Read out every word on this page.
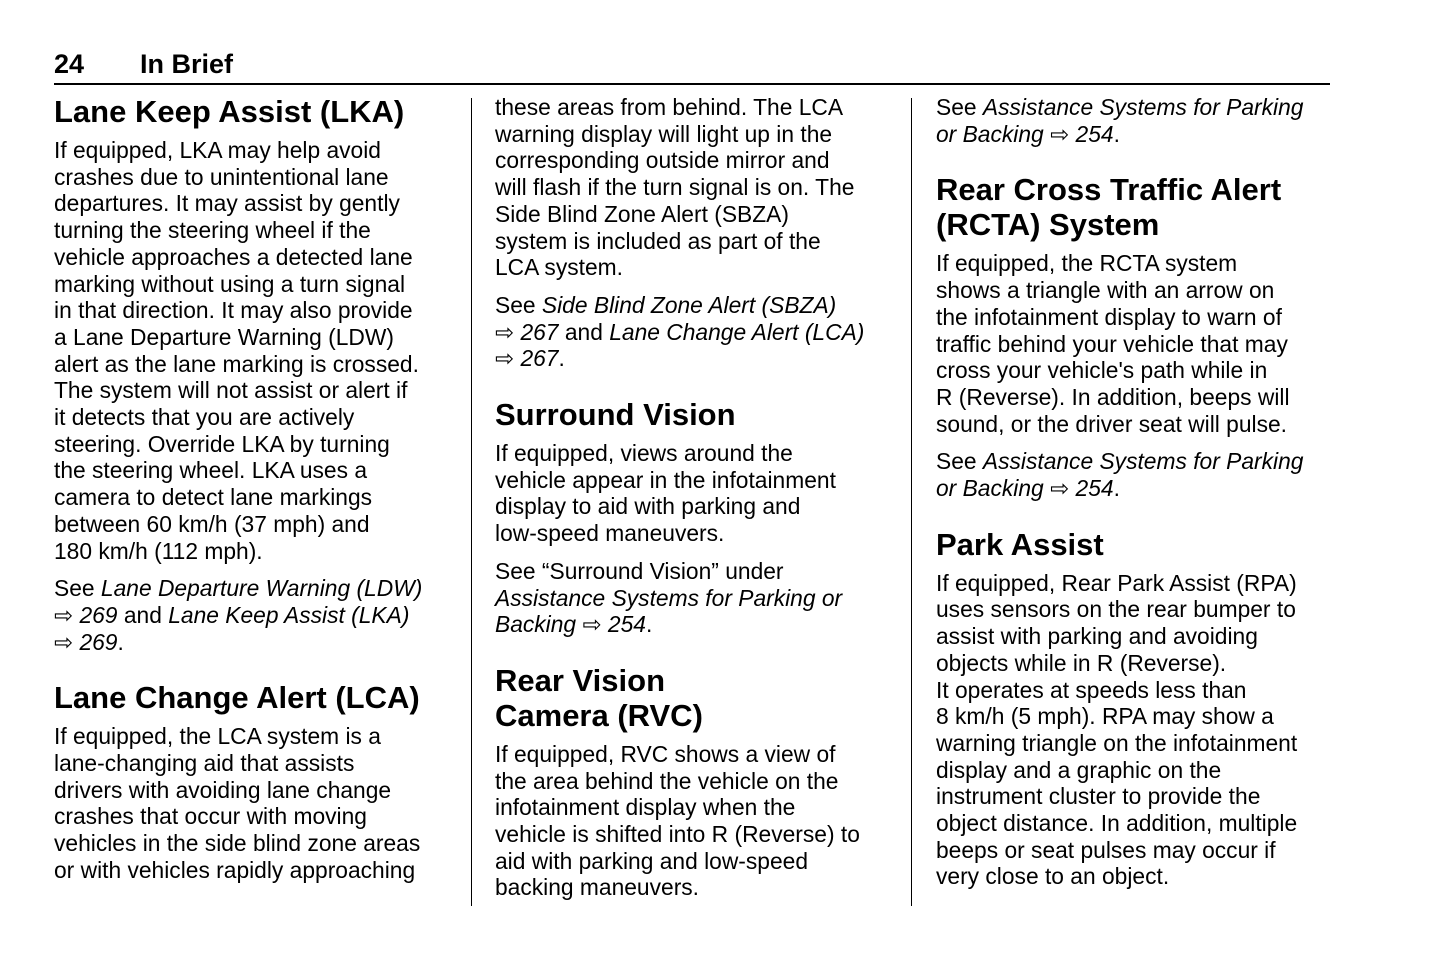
24 In Brief
Lane Keep Assist (LKA)

If equipped, LKA may help avoid
crashes due to unintentional lane
departures. It may assist by gently
turning the steering wheel if the
vehicle approaches a detected lane
marking without using a turn signal
in that direction. It may also provide
a Lane Departure Warning (LDW)
alert as the lane marking is crossed.
The system will not assist or alert if
it detects that you are actively
steering. Override LKA by turning
the steering wheel. LKA uses a
camera to detect lane markings
between 60 km/h (37 mph) and
180 km/h (112 mph).

See Lane Departure Warning (LDW)
⇨ 269 and Lane Keep Assist (LKA)
⇨ 269.

Lane Change Alert (LCA)

If equipped, the LCA system is a
lane-changing aid that assists
drivers with avoiding lane change
crashes that occur with moving
vehicles in the side blind zone areas
or with vehicles rapidly approaching

these areas from behind. The LCA
warning display will light up in the
corresponding outside mirror and
will flash if the turn signal is on. The
Side Blind Zone Alert (SBZA)
system is included as part of the
LCA system.

See Side Blind Zone Alert (SBZA)
⇨ 267 and Lane Change Alert (LCA)
⇨ 267.

Surround Vision

If equipped, views around the
vehicle appear in the infotainment
display to aid with parking and
low-speed maneuvers.

See “Surround Vision” under
Assistance Systems for Parking or
Backing ⇨ 254.

Rear Vision
Camera (RVC)

If equipped, RVC shows a view of
the area behind the vehicle on the
infotainment display when the
vehicle is shifted into R (Reverse) to
aid with parking and low-speed
backing maneuvers.

See Assistance Systems for Parking
or Backing ⇨ 254.

Rear Cross Traffic Alert
(RCTA) System

If equipped, the RCTA system
shows a triangle with an arrow on
the infotainment display to warn of
traffic behind your vehicle that may
cross your vehicle's path while in
R (Reverse). In addition, beeps will
sound, or the driver seat will pulse.

See Assistance Systems for Parking
or Backing ⇨ 254.

Park Assist

If equipped, Rear Park Assist (RPA)
uses sensors on the rear bumper to
assist with parking and avoiding
objects while in R (Reverse).
It operates at speeds less than
8 km/h (5 mph). RPA may show a
warning triangle on the infotainment
display and a graphic on the
instrument cluster to provide the
object distance. In addition, multiple
beeps or seat pulses may occur if
very close to an object.
